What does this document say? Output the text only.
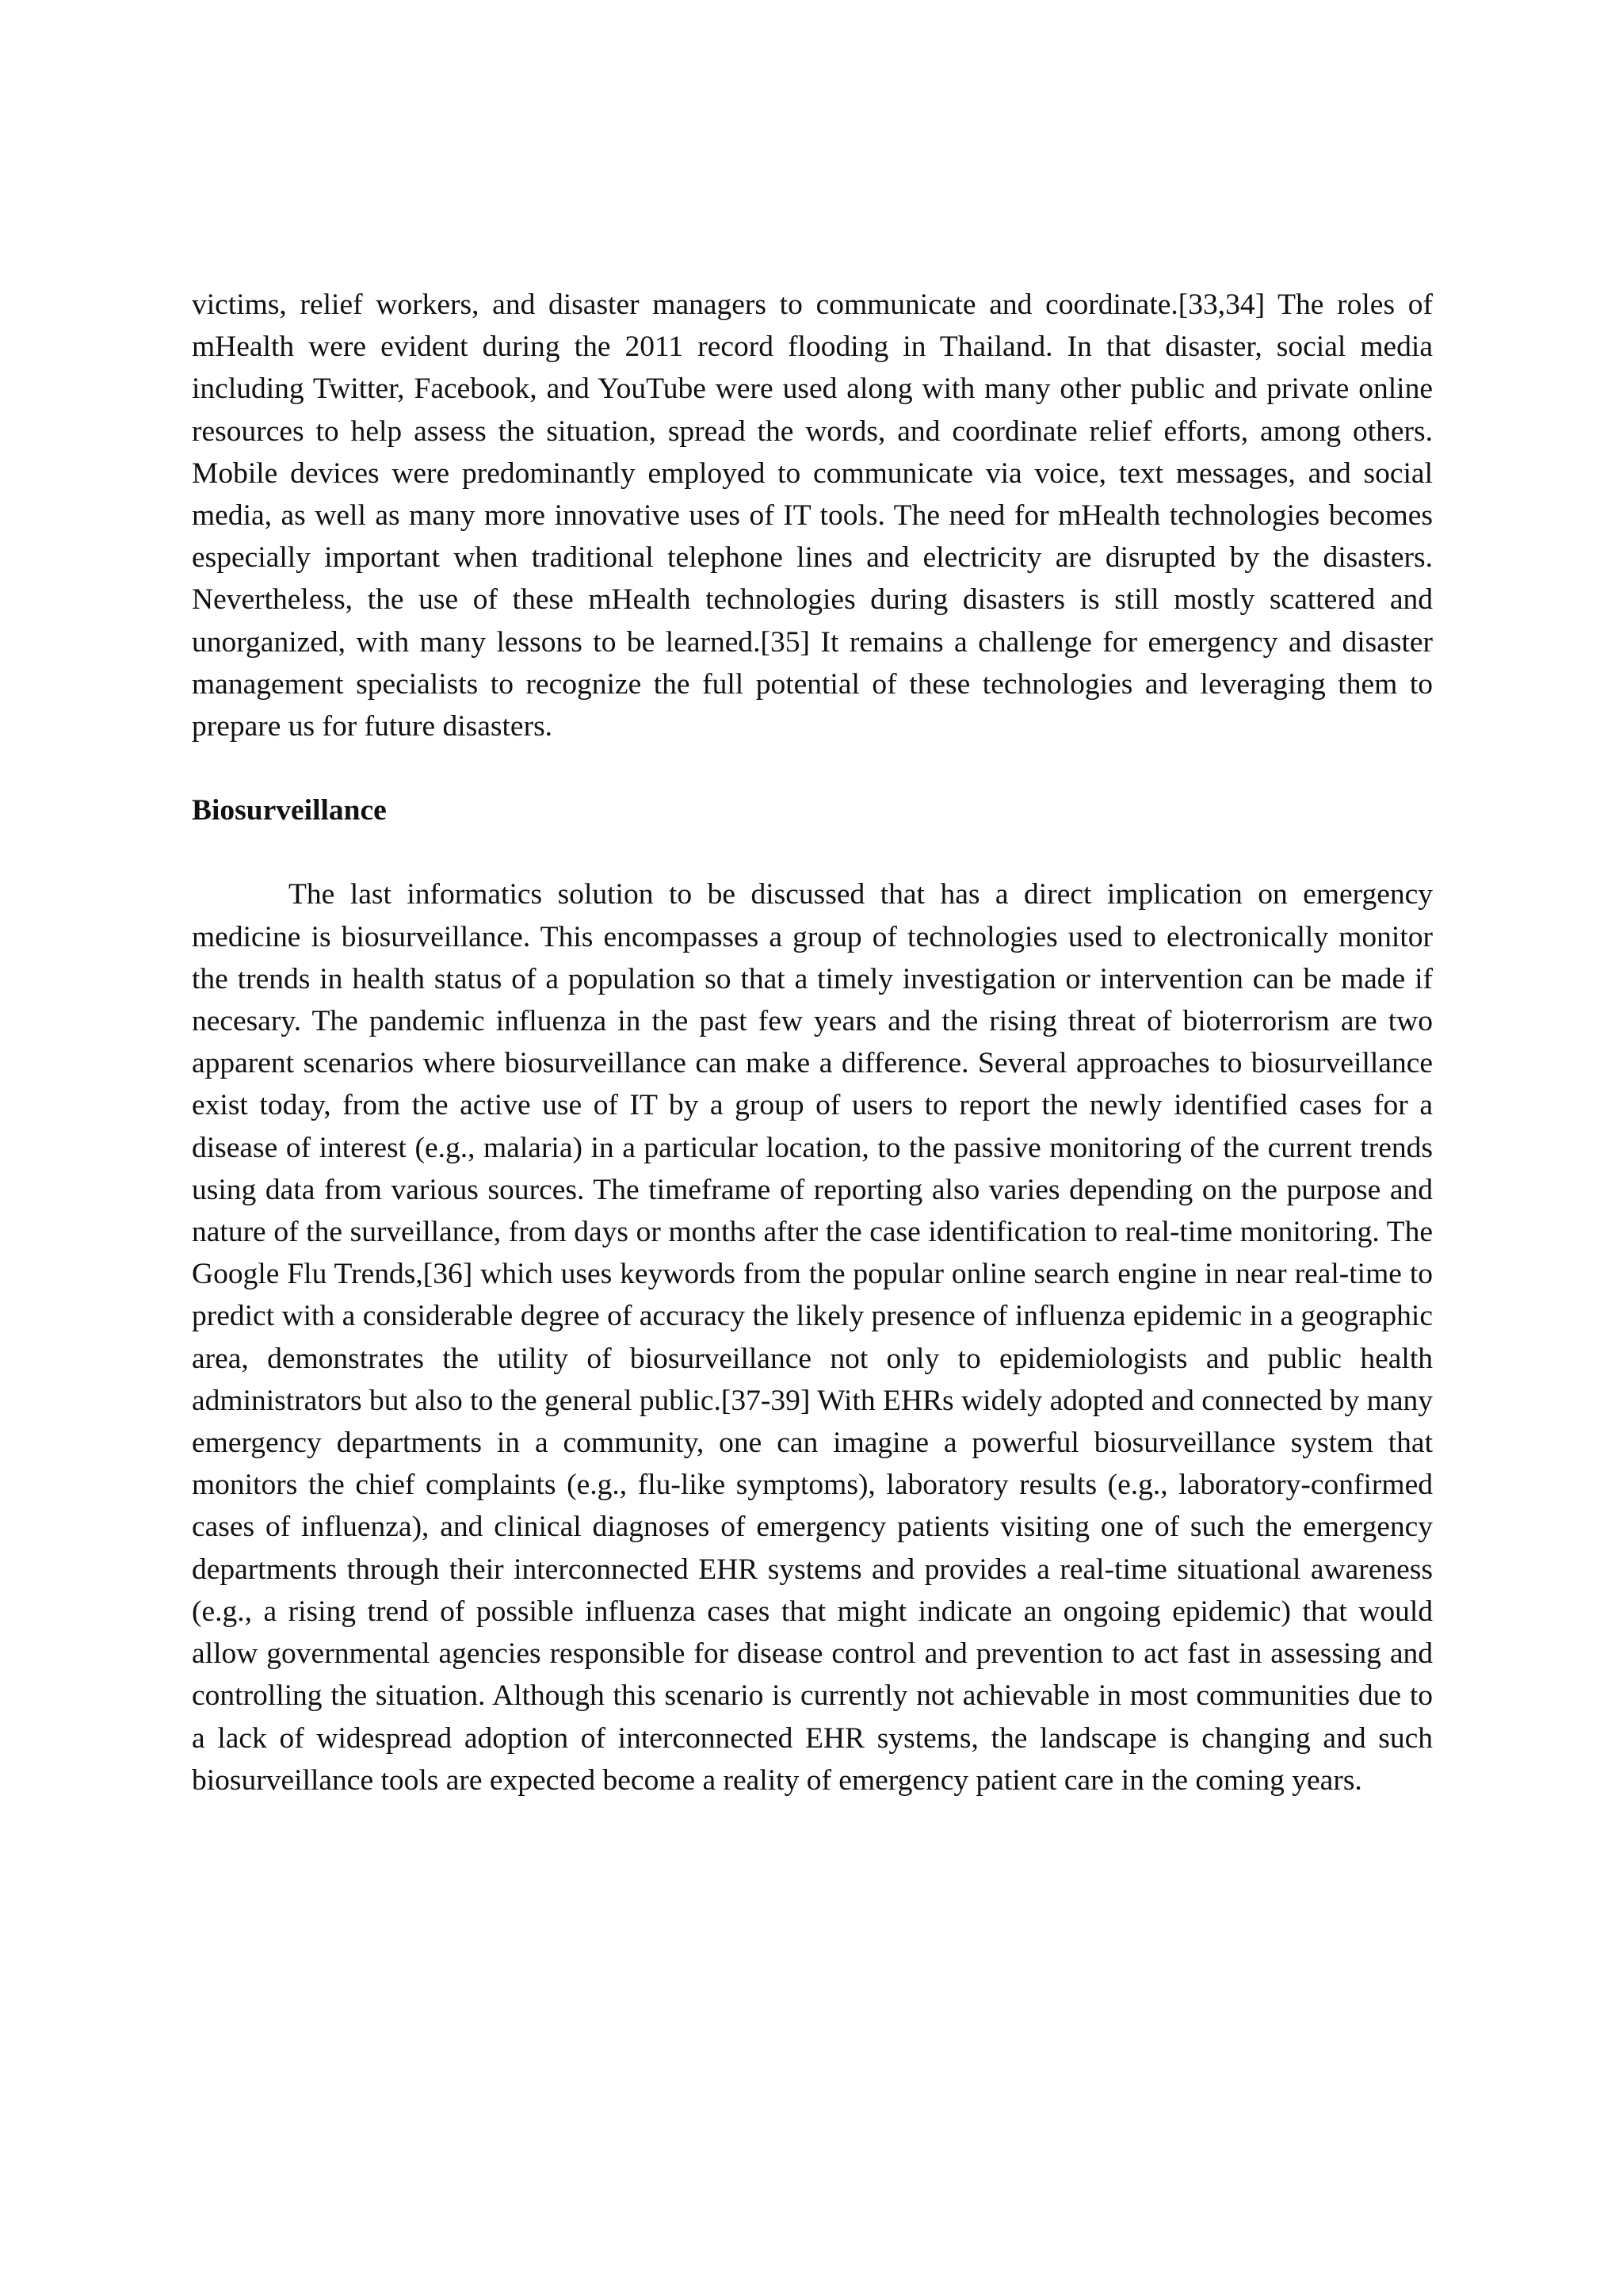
victims, relief workers, and disaster managers to communicate and coordinate.[33,34] The roles of mHealth were evident during the 2011 record flooding in Thailand. In that disaster, social media including Twitter, Facebook, and YouTube were used along with many other public and private online resources to help assess the situation, spread the words, and coordinate relief efforts, among others. Mobile devices were predominantly employed to communicate via voice, text messages, and social media, as well as many more innovative uses of IT tools. The need for mHealth technologies becomes especially important when traditional telephone lines and electricity are disrupted by the disasters. Nevertheless, the use of these mHealth technologies during disasters is still mostly scattered and unorganized, with many lessons to be learned.[35] It remains a challenge for emergency and disaster management specialists to recognize the full potential of these technologies and leveraging them to prepare us for future disasters.

Biosurveillance

The last informatics solution to be discussed that has a direct implication on emergency medicine is biosurveillance. This encompasses a group of technologies used to electronically monitor the trends in health status of a population so that a timely investigation or intervention can be made if necesary. The pandemic influenza in the past few years and the rising threat of bioterrorism are two apparent scenarios where biosurveillance can make a difference. Several approaches to biosurveillance exist today, from the active use of IT by a group of users to report the newly identified cases for a disease of interest (e.g., malaria) in a particular location, to the passive monitoring of the current trends using data from various sources. The timeframe of reporting also varies depending on the purpose and nature of the surveillance, from days or months after the case identification to real-time monitoring. The Google Flu Trends,[36] which uses keywords from the popular online search engine in near real-time to predict with a considerable degree of accuracy the likely presence of influenza epidemic in a geographic area, demonstrates the utility of biosurveillance not only to epidemiologists and public health administrators but also to the general public.[37-39] With EHRs widely adopted and connected by many emergency departments in a community, one can imagine a powerful biosurveillance system that monitors the chief complaints (e.g., flu-like symptoms), laboratory results (e.g., laboratory-confirmed cases of influenza), and clinical diagnoses of emergency patients visiting one of such the emergency departments through their interconnected EHR systems and provides a real-time situational awareness (e.g., a rising trend of possible influenza cases that might indicate an ongoing epidemic) that would allow governmental agencies responsible for disease control and prevention to act fast in assessing and controlling the situation. Although this scenario is currently not achievable in most communities due to a lack of widespread adoption of interconnected EHR systems, the landscape is changing and such biosurveillance tools are expected become a reality of emergency patient care in the coming years.
